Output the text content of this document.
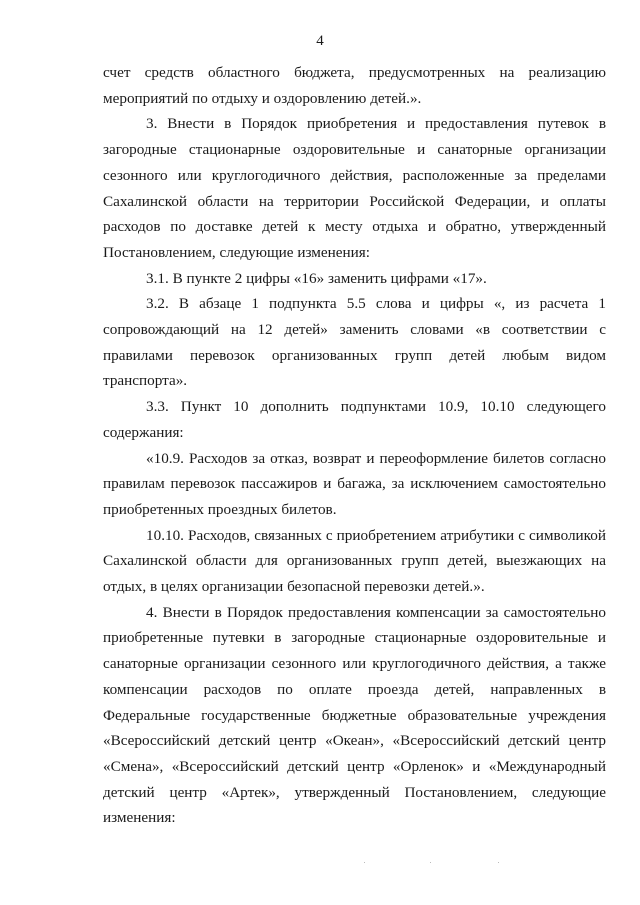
4

счет средств областного бюджета, предусмотренных на реализацию мероприятий по отдыху и оздоровлению детей.».

3. Внести в Порядок приобретения и предоставления путевок в загородные стационарные оздоровительные и санаторные организации сезонного или круглогодичного действия, расположенные за пределами Сахалинской области на территории Российской Федерации, и оплаты расходов по доставке детей к месту отдыха и обратно, утвержденный Постановлением, следующие изменения:

3.1. В пункте 2 цифры «16» заменить цифрами «17».

3.2. В абзаце 1 подпункта 5.5 слова и цифры «, из расчета 1 сопровождающий на 12 детей» заменить словами «в соответствии с правилами перевозок организованных групп детей любым видом транспорта».

3.3. Пункт 10 дополнить подпунктами 10.9, 10.10 следующего содержания:

«10.9. Расходов за отказ, возврат и переоформление билетов согласно правилам перевозок пассажиров и багажа, за исключением самостоятельно приобретенных проездных билетов.

10.10. Расходов, связанных с приобретением атрибутики с символикой Сахалинской области для организованных групп детей, выезжающих на отдых, в целях организации безопасной перевозки детей.».

4. Внести в Порядок предоставления компенсации за самостоятельно приобретенные путевки в загородные стационарные оздоровительные и санаторные организации сезонного или круглогодичного действия, а также компенсации расходов по оплате проезда детей, направленных в Федеральные государственные бюджетные образовательные учреждения «Всероссийский детский центр «Океан», «Всероссийский детский центр «Смена», «Всероссийский детский центр «Орленок» и «Международный детский центр «Артек», утвержденный Постановлением, следующие изменения:
